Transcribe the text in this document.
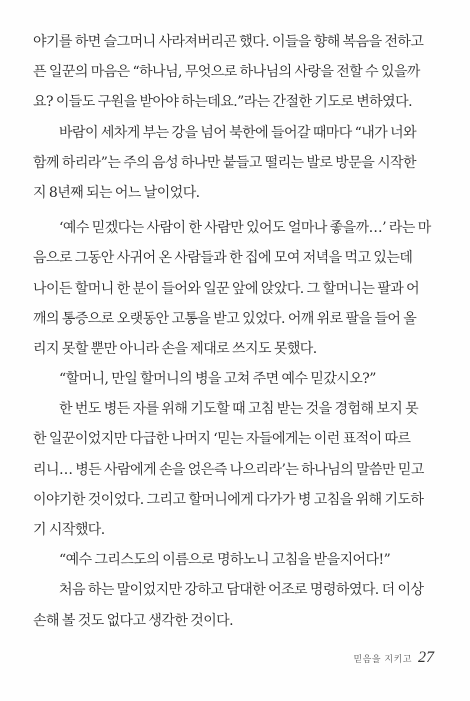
야기를 하면 슬그머니 사라져버리곤 했다. 이들을 향해 복음을 전하고
픈 일꾼의 마음은 “하나님, 무엇으로 하나님의 사랑을 전할 수 있을까
요? 이들도 구원을 받아야 하는데요.”라는 간절한 기도로 변하였다.
바람이 세차게 부는 강을 넘어 북한에 들어갈 때마다 “내가 너와
함께 하리라”는 주의 음성 하나만 붙들고 떨리는 발로 방문을 시작한
지 8년째 되는 어느 날이었다.
‘예수 믿겠다는 사람이 한 사람만 있어도 얼마나 좋을까…’ 라는 마
음으로 그동안 사귀어 온 사람들과 한 집에 모여 저녁을 먹고 있는데
나이든 할머니 한 분이 들어와 일꾼 앞에 앉았다. 그 할머니는 팔과 어
깨의 통증으로 오랫동안 고통을 받고 있었다. 어깨 위로 팔을 들어 올
리지 못할 뿐만 아니라 손을 제대로 쓰지도 못했다.
“할머니, 만일 할머니의 병을 고쳐 주면 예수 믿갔시오?”
한 번도 병든 자를 위해 기도할 때 고침 받는 것을 경험해 보지 못
한 일꾼이었지만 다급한 나머지 ‘믿는 자들에게는 이런 표적이 따르
리니… 병든 사람에게 손을 얹은즉 나으리라’는 하나님의 말씀만 믿고
이야기한 것이었다. 그리고 할머니에게 다가가 병 고침을 위해 기도하
기 시작했다.
“예수 그리스도의 이름으로 명하노니 고침을 받을지어다!”
처음 하는 말이었지만 강하고 담대한 어조로 명령하였다. 더 이상
손해 볼 것도 없다고 생각한 것이다.
믿음을 지키고 27
